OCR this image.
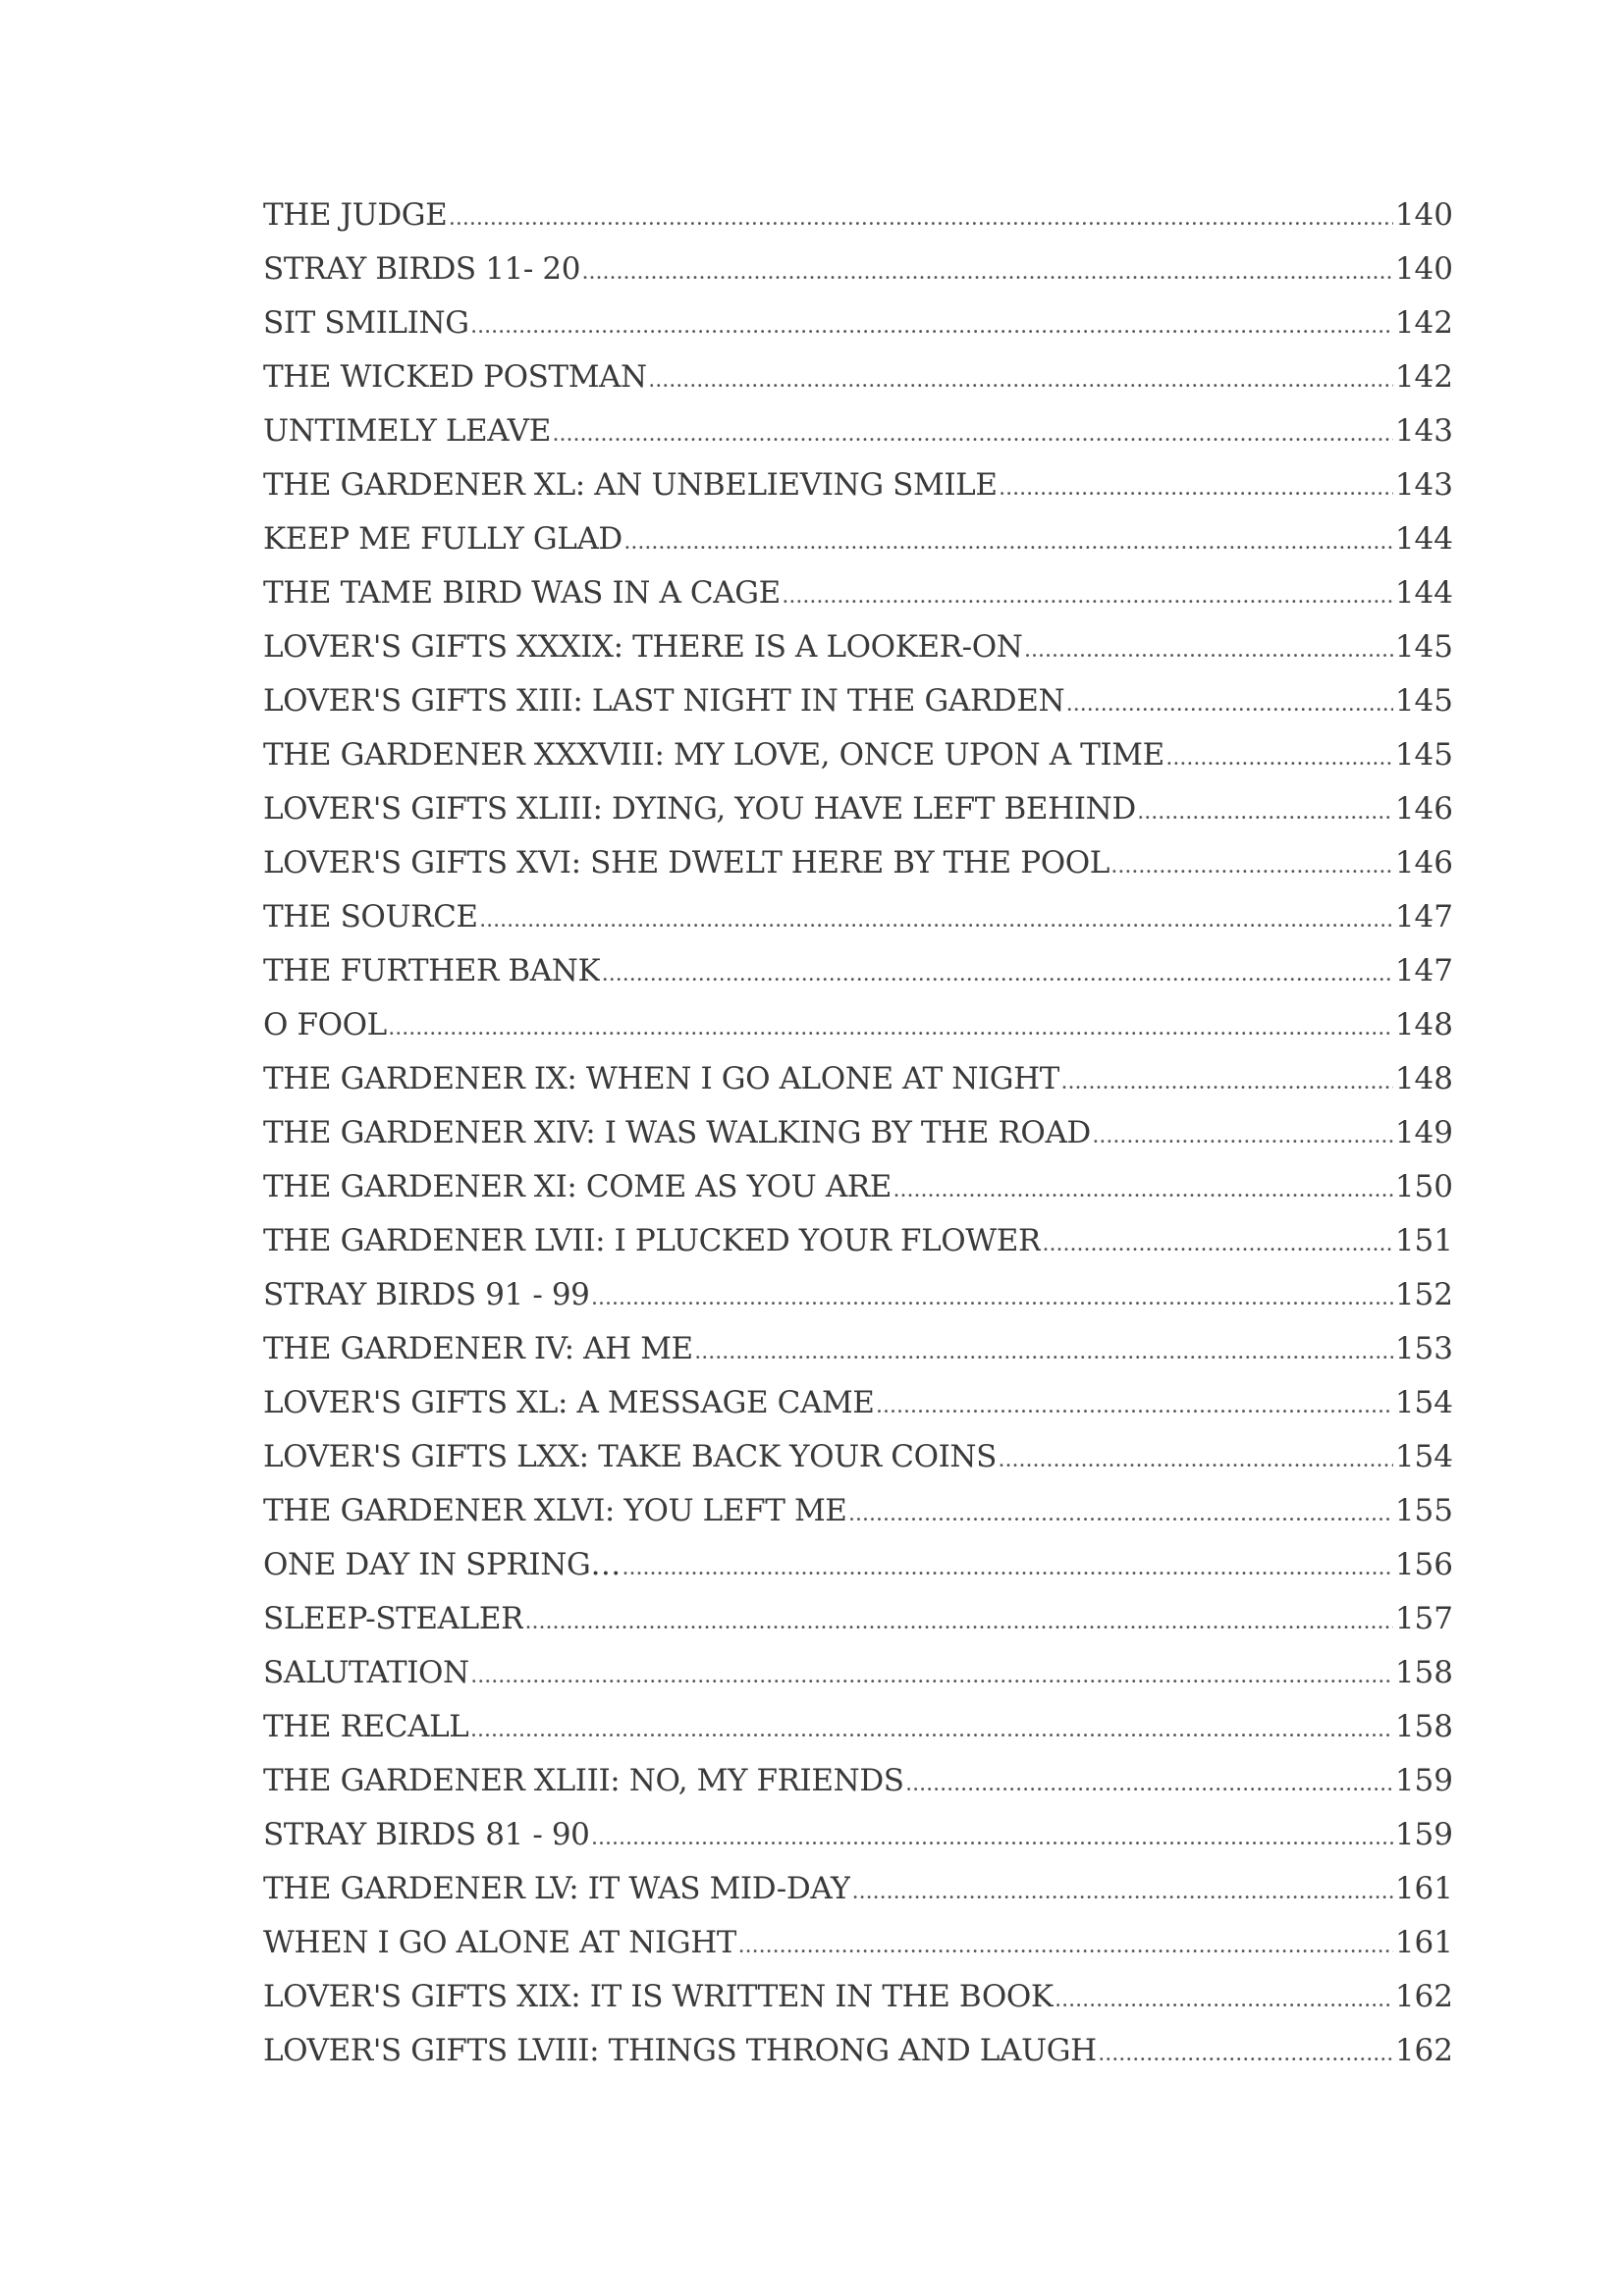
THE JUDGE .....	140
STRAY BIRDS 11- 20 .....	140
SIT SMILING .....	142
THE WICKED POSTMAN .....	142
UNTIMELY LEAVE .....	143
THE GARDENER XL: AN UNBELIEVING SMILE .....	143
KEEP ME FULLY GLAD .....	144
THE TAME BIRD WAS IN A CAGE .....	144
LOVER'S GIFTS XXXIX: THERE IS A LOOKER-ON .....	145
LOVER'S GIFTS XIII: LAST NIGHT IN THE GARDEN .....	145
THE GARDENER XXXVIII: MY LOVE, ONCE UPON A TIME .....	145
LOVER'S GIFTS XLIII: DYING, YOU HAVE LEFT BEHIND .....	146
LOVER'S GIFTS XVI: SHE DWELT HERE BY THE POOL .....	146
THE SOURCE .....	147
THE FURTHER BANK .....	147
O FOOL .....	148
THE GARDENER IX: WHEN I GO ALONE AT NIGHT .....	148
THE GARDENER XIV: I WAS WALKING BY THE ROAD .....	149
THE GARDENER XI: COME AS YOU ARE .....	150
THE GARDENER LVII: I PLUCKED YOUR FLOWER .....	151
STRAY BIRDS 91 - 99 .....	152
THE GARDENER IV: AH ME .....	153
LOVER'S GIFTS XL: A MESSAGE CAME .....	154
LOVER'S GIFTS LXX: TAKE BACK YOUR COINS .....	154
THE GARDENER XLVI: YOU LEFT ME .....	155
ONE DAY IN SPRING… .....	156
SLEEP-STEALER .....	157
SALUTATION .....	158
THE RECALL .....	158
THE GARDENER XLIII: NO, MY FRIENDS .....	159
STRAY BIRDS 81 - 90 .....	159
THE GARDENER LV: IT WAS MID-DAY .....	161
WHEN I GO ALONE AT NIGHT .....	161
LOVER'S GIFTS XIX: IT IS WRITTEN IN THE BOOK .....	162
LOVER'S GIFTS LVIII: THINGS THRONG AND LAUGH .....	162
